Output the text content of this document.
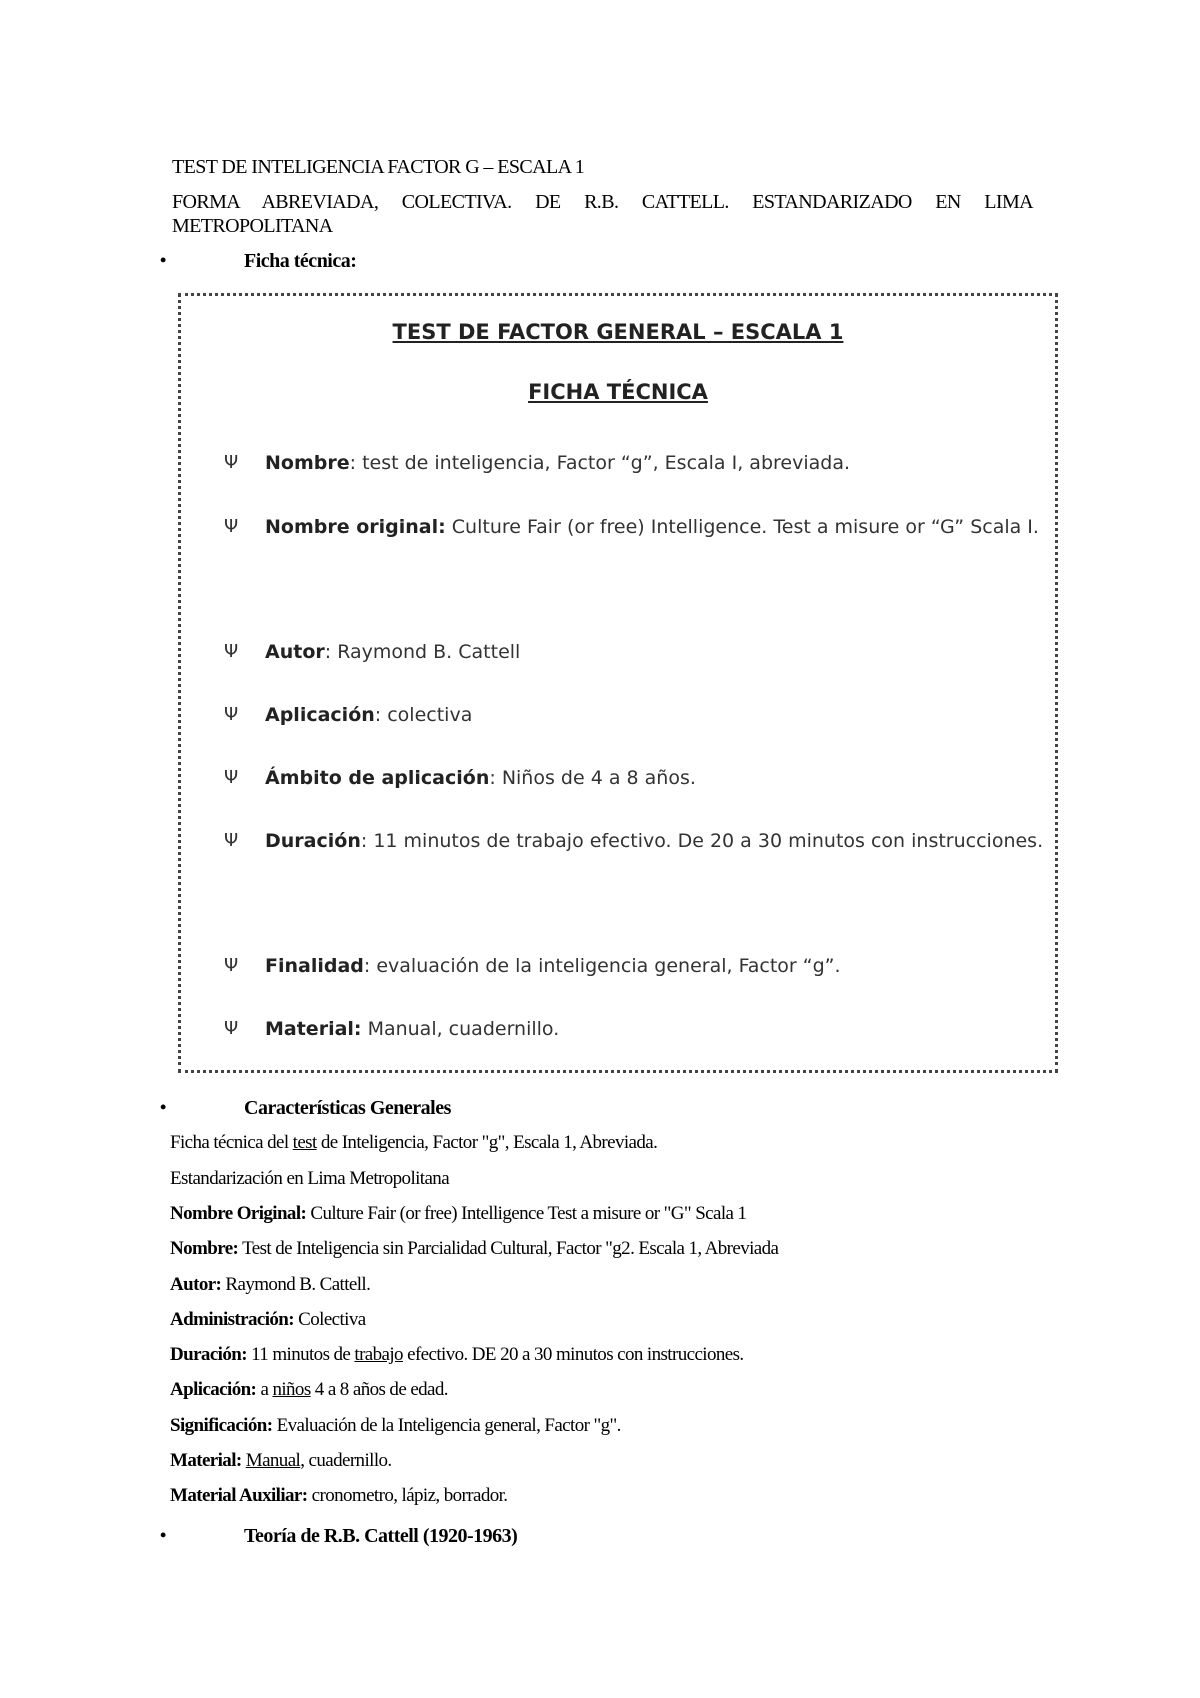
TEST DE INTELIGENCIA FACTOR G – ESCALA 1
FORMA ABREVIADA, COLECTIVA. DE R.B. CATTELL. ESTANDARIZADO EN LIMA
METROPOLITANA
•	Ficha técnica:
TEST DE FACTOR GENERAL – ESCALA 1
FICHA TÉCNICA
Ψ	Nombre: test de inteligencia, Factor “g”, Escala I, abreviada.
Ψ	Nombre original: Culture Fair (or free) Intelligence. Test a misure or “G” Scala I.
Ψ	Autor: Raymond B. Cattell
Ψ	Aplicación: colectiva
Ψ	Ámbito de aplicación: Niños de 4 a 8 años.
Ψ	Duración: 11 minutos de trabajo efectivo. De 20 a 30 minutos con instrucciones.
Ψ	Finalidad: evaluación de la inteligencia general, Factor “g”.
Ψ	Material: Manual, cuadernillo.
•	Características Generales
Ficha técnica del test de Inteligencia, Factor "g", Escala 1, Abreviada.
Estandarización en Lima Metropolitana
Nombre Original: Culture Fair (or free) Intelligence Test a misure or "G" Scala 1
Nombre: Test de Inteligencia sin Parcialidad Cultural, Factor "g2. Escala 1, Abreviada
Autor: Raymond B. Cattell.
Administración: Colectiva
Duración: 11 minutos de trabajo efectivo. DE 20 a 30 minutos con instrucciones.
Aplicación: a niños 4 a 8 años de edad.
Significación: Evaluación de la Inteligencia general, Factor "g".
Material: Manual, cuadernillo.
Material Auxiliar: cronometro, lápiz, borrador.
•	Teoría de R.B. Cattell (1920-1963)
